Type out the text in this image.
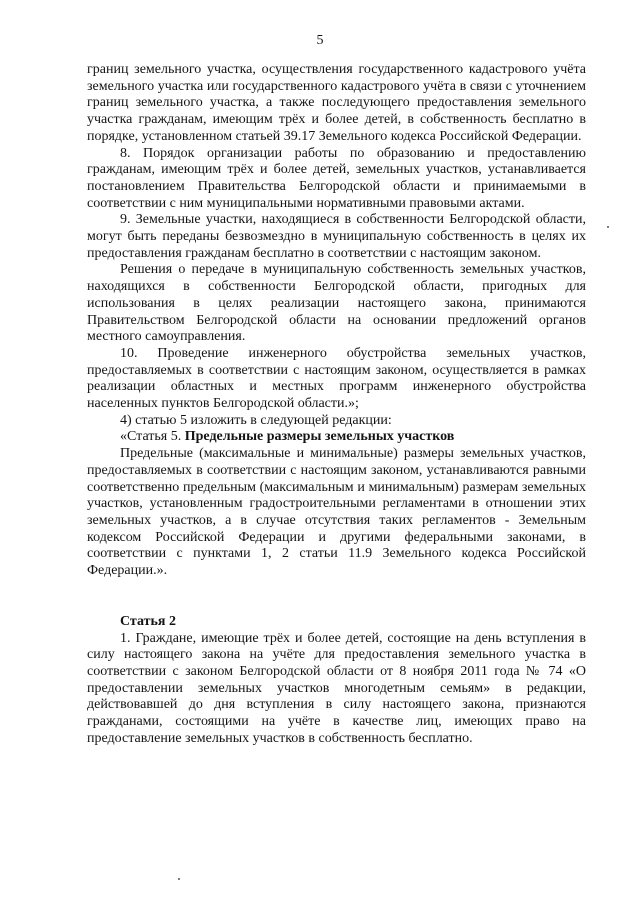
5

границ земельного участка, осуществления государственного кадастрового учёта земельного участка или государственного кадастрового учёта в связи с уточнением границ земельного участка, а также последующего предоставления земельного участка гражданам, имеющим трёх и более детей, в собственность бесплатно в порядке, установленном статьей 39.17 Земельного кодекса Российской Федерации.

8. Порядок организации работы по образованию и предоставлению гражданам, имеющим трёх и более детей, земельных участков, устанавливается постановлением Правительства Белгородской области и принимаемыми в соответствии с ним муниципальными нормативными правовыми актами.

9. Земельные участки, находящиеся в собственности Белгородской области, могут быть переданы безвозмездно в муниципальную собственность в целях их предоставления гражданам бесплатно в соответствии с настоящим законом.

Решения о передаче в муниципальную собственность земельных участков, находящихся в собственности Белгородской области, пригодных для использования в целях реализации настоящего закона, принимаются Правительством Белгородской области на основании предложений органов местного самоуправления.

10. Проведение инженерного обустройства земельных участков, предоставляемых в соответствии с настоящим законом, осуществляется в рамках реализации областных и местных программ инженерного обустройства населенных пунктов Белгородской области.»;

4) статью 5 изложить в следующей редакции:

«Статья 5. Предельные размеры земельных участков

Предельные (максимальные и минимальные) размеры земельных участков, предоставляемых в соответствии с настоящим законом, устанавливаются равными соответственно предельным (максимальным и минимальным) размерам земельных участков, установленным градостроительными регламентами в отношении этих земельных участков, а в случае отсутствия таких регламентов - Земельным кодексом Российской Федерации и другими федеральными законами, в соответствии с пунктами 1, 2 статьи 11.9 Земельного кодекса Российской Федерации.».

Статья 2

1. Граждане, имеющие трёх и более детей, состоящие на день вступления в силу настоящего закона на учёте для предоставления земельного участка в соответствии с законом Белгородской области от 8 ноября 2011 года № 74 «О предоставлении земельных участков многодетным семьям» в редакции, действовавшей до дня вступления в силу настоящего закона, признаются гражданами, состоящими на учёте в качестве лиц, имеющих право на предоставление земельных участков в собственность бесплатно.
